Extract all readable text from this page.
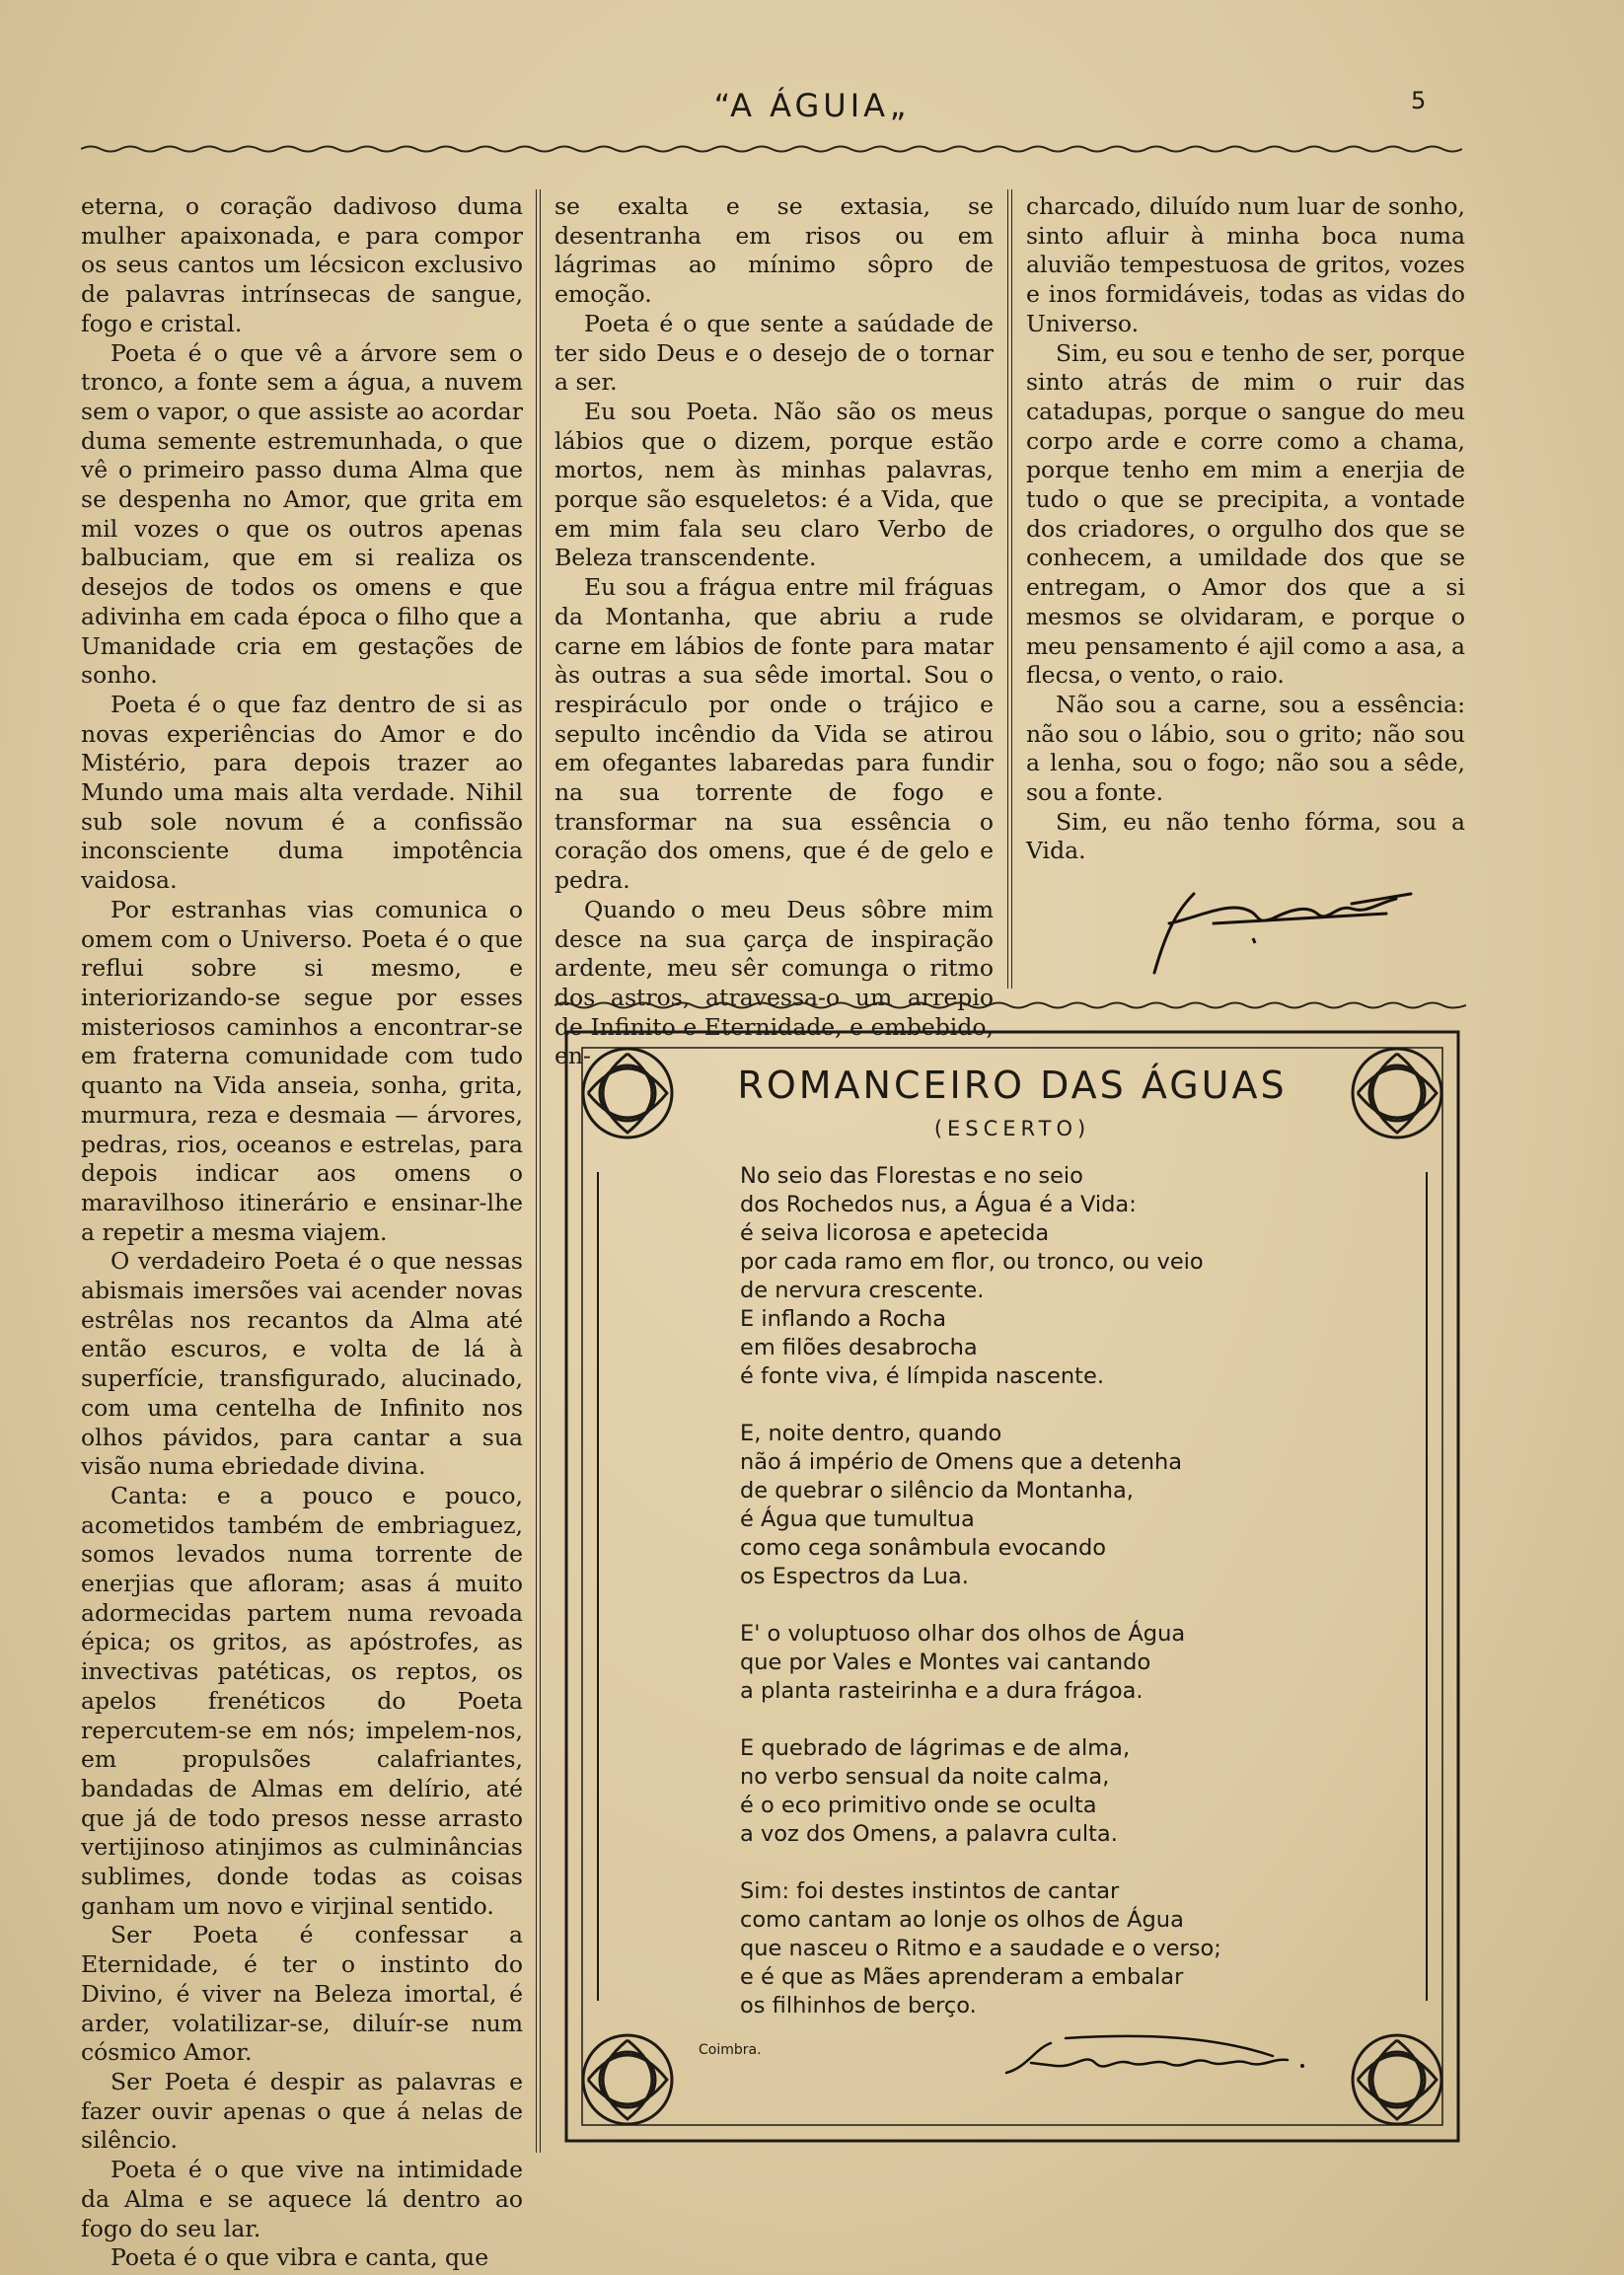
“A ÁGUIA„	5

eterna, o coração dadivoso duma mulher apaixonada, e para compor os seus cantos um lécsicon exclusivo de palavras intrínsecas de sangue, fogo e cristal.

Poeta é o que vê a árvore sem o tronco, a fonte sem a água, a nuvem sem o vapor, o que assiste ao acordar duma semente estremunhada, o que vê o primeiro passo duma Alma que se despenha no Amor, que grita em mil vozes o que os outros apenas balbuciam, que em si realiza os desejos de todos os omens e que adivinha em cada época o filho que a Umanidade cria em gestações de sonho.

Poeta é o que faz dentro de si as novas experiências do Amor e do Mistério, para depois trazer ao Mundo uma mais alta verdade. Nihil sub sole novum é a confissão inconsciente duma impotência vaidosa.

Por estranhas vias comunica o omem com o Universo. Poeta é o que reflui sobre si mesmo, e interiorizando-se segue por esses misteriosos caminhos a encontrar-se em fraterna comunidade com tudo quanto na Vida anseia, sonha, grita, murmura, reza e desmaia — árvores, pedras, rios, oceanos e estrelas, para depois indicar aos omens o maravilhoso itinerário e ensinar-lhe a repetir a mesma viajem.

O verdadeiro Poeta é o que nessas abismais imersões vai acender novas estrêlas nos recantos da Alma até então escuros, e volta de lá à superfície, transfigurado, alucinado, com uma centelha de Infinito nos olhos pávidos, para cantar a sua visão numa ebriedade divina.

Canta: e a pouco e pouco, acometidos também de embriaguez, somos levados numa torrente de enerjias que afloram; asas á muito adormecidas partem numa revoada épica; os gritos, as apóstrofes, as invectivas patéticas, os reptos, os apelos frenéticos do Poeta repercutem-se em nós; impelem-nos, em propulsões calafriantes, bandadas de Almas em delírio, até que já de todo presos nesse arrasto vertijinoso atinjimos as culminâncias sublimes, donde todas as coisas ganham um novo e virjinal sentido.

Ser Poeta é confessar a Eternidade, é ter o instinto do Divino, é viver na Beleza imortal, é arder, volatilizar-se, diluír-se num cósmico Amor.

Ser Poeta é despir as palavras e fazer ouvir apenas o que á nelas de silêncio.

Poeta é o que vive na intimidade da Alma e se aquece lá dentro ao fogo do seu lar.

Poeta é o que vibra e canta, que

se exalta e se extasia, se desentranha em risos ou em lágrimas ao mínimo sôpro de emoção.

Poeta é o que sente a saúdade de ter sido Deus e o desejo de o tornar a ser.

Eu sou Poeta. Não são os meus lábios que o dizem, porque estão mortos, nem às minhas palavras, porque são esqueletos: é a Vida, que em mim fala seu claro Verbo de Beleza transcendente.

Eu sou a frágua entre mil fráguas da Montanha, que abriu a rude carne em lábios de fonte para matar às outras a sua sêde imortal. Sou o respiráculo por onde o trájico e sepulto incêndio da Vida se atirou em ofegantes labaredas para fundir na sua torrente de fogo e transformar na sua essência o coração dos omens, que é de gelo e pedra.

Quando o meu Deus sôbre mim desce na sua çarça de inspiração ardente, meu sêr comunga o ritmo dos astros, atravessa-o um arrepio de Infinito e Eternidade, e embebido, en-

charcado, diluído num luar de sonho, sinto afluir à minha boca numa aluvião tempestuosa de gritos, vozes e inos formidáveis, todas as vidas do Universo.

Sim, eu sou e tenho de ser, porque sinto atrás de mim o ruir das catadupas, porque o sangue do meu corpo arde e corre como a chama, porque tenho em mim a enerjia de tudo o que se precipita, a vontade dos criadores, o orgulho dos que se conhecem, a umildade dos que se entregam, o Amor dos que a si mesmos se olvidaram, e porque o meu pensamento é ajil como a asa, a flecsa, o vento, o raio.

Não sou a carne, sou a essência: não sou o lábio, sou o grito; não sou a lenha, sou o fogo; não sou a sêde, sou a fonte.

Sim, eu não tenho fórma, sou a Vida.

ROMANCEIRO DAS ÁGUAS
(ESCERTO)
No seio das Florestas e no seio
dos Rochedos nus, a Água é a Vida:
é seiva licorosa e apetecida
por cada ramo em flor, ou tronco, ou veio
de nervura crescente.
E inflando a Rocha
em filões desabrocha
é fonte viva, é límpida nascente.
E, noite dentro, quando
não á império de Omens que a detenha
de quebrar o silêncio da Montanha,
é Água que tumultua
como cega sonâmbula evocando
os Espectros da Lua.
E' o voluptuoso olhar dos olhos de Água
que por Vales e Montes vai cantando
a planta rasteirinha e a dura frágoa.
E quebrado de lágrimas e de alma,
no verbo sensual da noite calma,
é o eco primitivo onde se oculta
a voz dos Omens, a palavra culta.
Sim: foi destes instintos de cantar
como cantam ao lonje os olhos de Água
que nasceu o Ritmo e a saudade e o verso;
e é que as Mães aprenderam a embalar
os filhinhos de berço.
Coimbra.
